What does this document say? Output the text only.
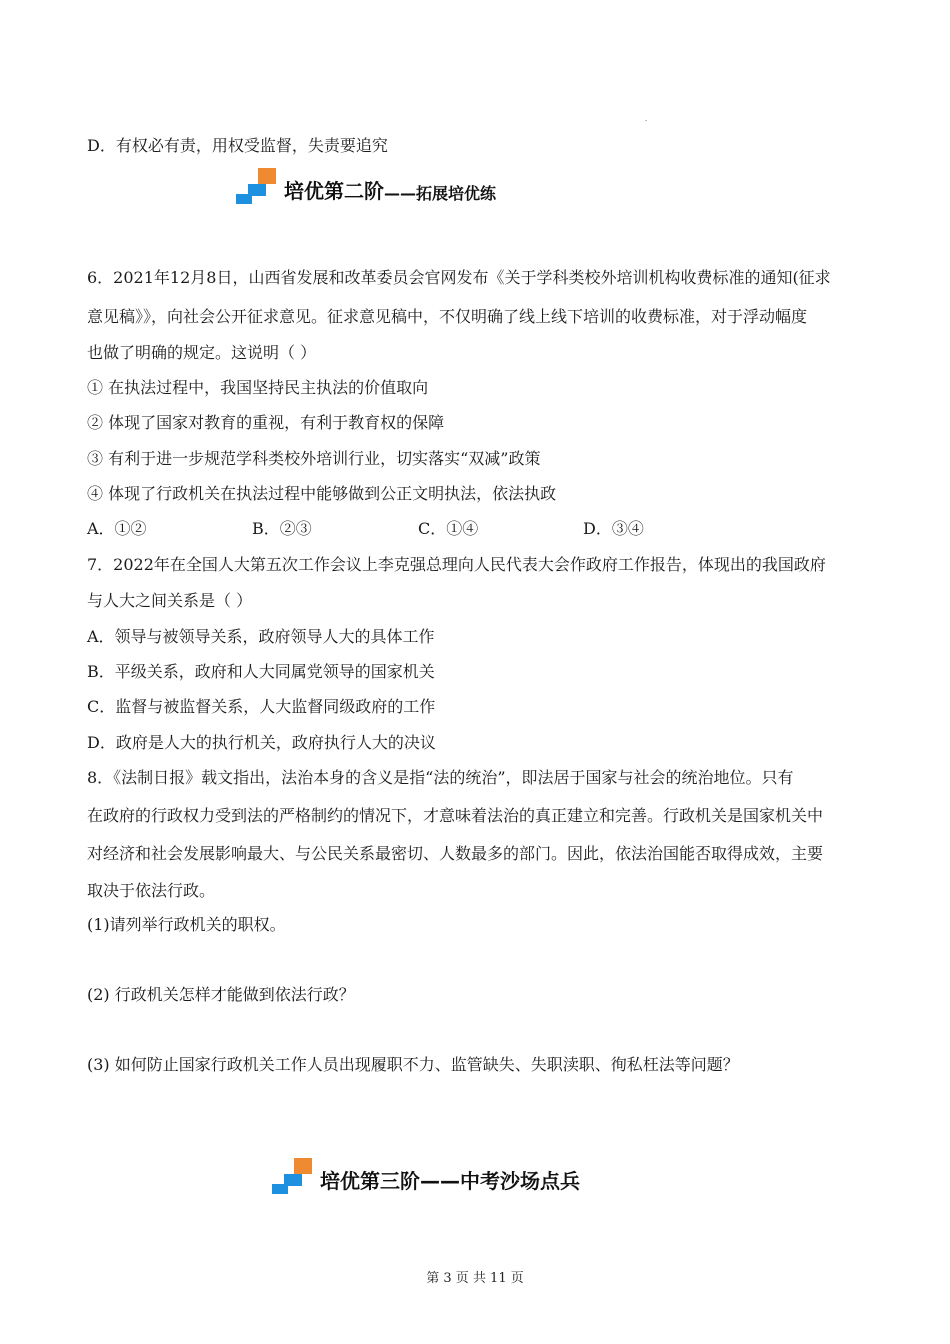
D．有权必有责，用权受监督，失责要追究
培优第二阶 ——拓展培优练
6．2021年12月8日，山西省发展和改革委员会官网发布《关于学科类校外培训机构收费标准的通知(征求
意见稿》》，向社会公开征求意见。征求意见稿中，不仅明确了线上线下培训的收费标准，对于浮动幅度
也做了明确的规定。这说明（ ）
① 在执法过程中，我国坚持民主执法的价值取向
② 体现了国家对教育的重视，有利于教育权的保障
③ 有利于进一步规范学科类校外培训行业，切实落实“双减”政策
④ 体现了行政机关在执法过程中能够做到公正文明执法，依法执政
A．①②	B．②③	C．①④	D．③④
7．2022年在全国人大第五次工作会议上李克强总理向人民代表大会作政府工作报告，体现出的我国政府
与人大之间关系是（ ）
A．领导与被领导关系，政府领导人大的具体工作
B．平级关系，政府和人大同属党领导的国家机关
C．监督与被监督关系，人大监督同级政府的工作
D．政府是人大的执行机关，政府执行人大的决议
8．《法制日报》载文指出，法治本身的含义是指“法的统治”，即法居于国家与社会的统治地位。只有
在政府的行政权力受到法的严格制约的情况下，才意味着法治的真正建立和完善。行政机关是国家机关中
对经济和社会发展影响最大、与公民关系最密切、人数最多的部门。因此，依法治国能否取得成效，主要
取决于依法行政。
(1)请列举行政机关的职权。
(2) 行政机关怎样才能做到依法行政？
(3) 如何防止国家行政机关工作人员出现履职不力、监管缺失、失职渎职、徇私枉法等问题？
培优第三阶 ——中考沙场点兵
第 3 页 共 11 页
